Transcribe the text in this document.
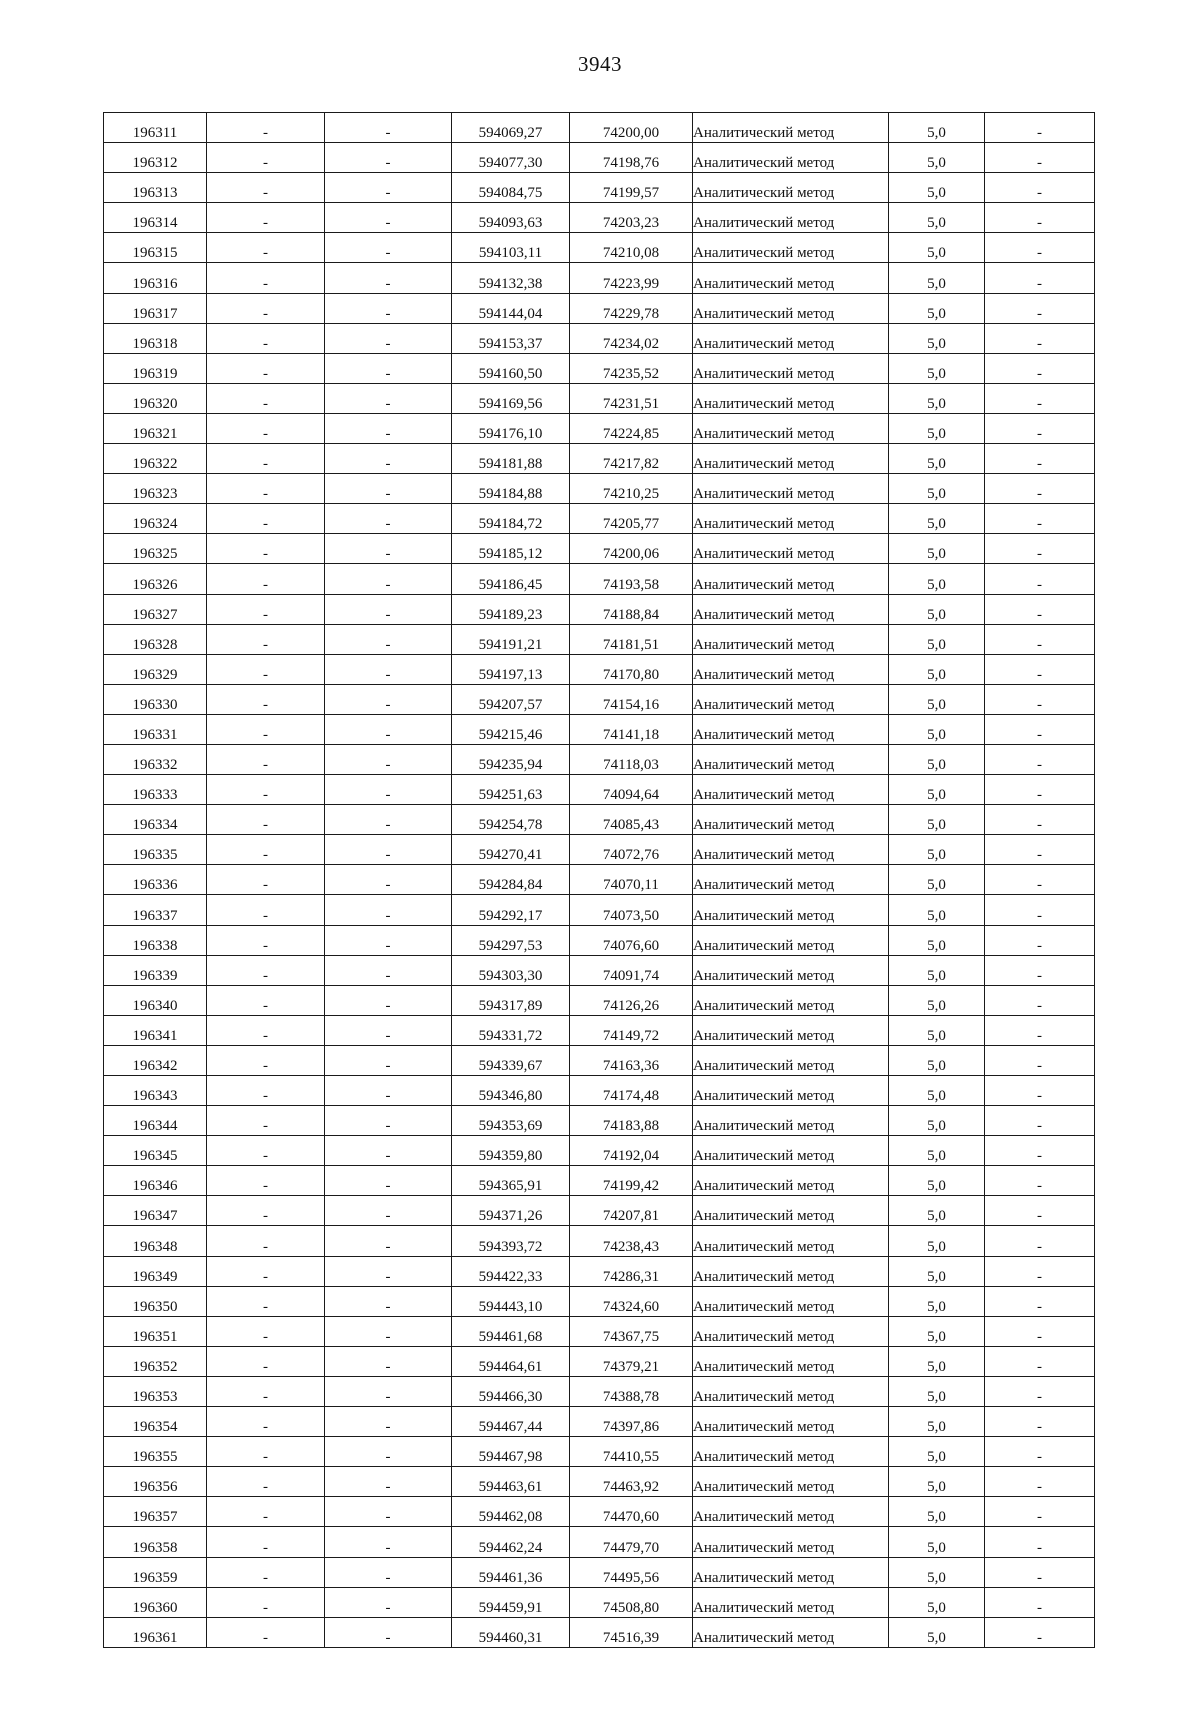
3943
196311	-	-	594069,27	74200,00	Аналитический метод	5,0	-
196312	-	-	594077,30	74198,76	Аналитический метод	5,0	-
196313	-	-	594084,75	74199,57	Аналитический метод	5,0	-
196314	-	-	594093,63	74203,23	Аналитический метод	5,0	-
196315	-	-	594103,11	74210,08	Аналитический метод	5,0	-
196316	-	-	594132,38	74223,99	Аналитический метод	5,0	-
196317	-	-	594144,04	74229,78	Аналитический метод	5,0	-
196318	-	-	594153,37	74234,02	Аналитический метод	5,0	-
196319	-	-	594160,50	74235,52	Аналитический метод	5,0	-
196320	-	-	594169,56	74231,51	Аналитический метод	5,0	-
196321	-	-	594176,10	74224,85	Аналитический метод	5,0	-
196322	-	-	594181,88	74217,82	Аналитический метод	5,0	-
196323	-	-	594184,88	74210,25	Аналитический метод	5,0	-
196324	-	-	594184,72	74205,77	Аналитический метод	5,0	-
196325	-	-	594185,12	74200,06	Аналитический метод	5,0	-
196326	-	-	594186,45	74193,58	Аналитический метод	5,0	-
196327	-	-	594189,23	74188,84	Аналитический метод	5,0	-
196328	-	-	594191,21	74181,51	Аналитический метод	5,0	-
196329	-	-	594197,13	74170,80	Аналитический метод	5,0	-
196330	-	-	594207,57	74154,16	Аналитический метод	5,0	-
196331	-	-	594215,46	74141,18	Аналитический метод	5,0	-
196332	-	-	594235,94	74118,03	Аналитический метод	5,0	-
196333	-	-	594251,63	74094,64	Аналитический метод	5,0	-
196334	-	-	594254,78	74085,43	Аналитический метод	5,0	-
196335	-	-	594270,41	74072,76	Аналитический метод	5,0	-
196336	-	-	594284,84	74070,11	Аналитический метод	5,0	-
196337	-	-	594292,17	74073,50	Аналитический метод	5,0	-
196338	-	-	594297,53	74076,60	Аналитический метод	5,0	-
196339	-	-	594303,30	74091,74	Аналитический метод	5,0	-
196340	-	-	594317,89	74126,26	Аналитический метод	5,0	-
196341	-	-	594331,72	74149,72	Аналитический метод	5,0	-
196342	-	-	594339,67	74163,36	Аналитический метод	5,0	-
196343	-	-	594346,80	74174,48	Аналитический метод	5,0	-
196344	-	-	594353,69	74183,88	Аналитический метод	5,0	-
196345	-	-	594359,80	74192,04	Аналитический метод	5,0	-
196346	-	-	594365,91	74199,42	Аналитический метод	5,0	-
196347	-	-	594371,26	74207,81	Аналитический метод	5,0	-
196348	-	-	594393,72	74238,43	Аналитический метод	5,0	-
196349	-	-	594422,33	74286,31	Аналитический метод	5,0	-
196350	-	-	594443,10	74324,60	Аналитический метод	5,0	-
196351	-	-	594461,68	74367,75	Аналитический метод	5,0	-
196352	-	-	594464,61	74379,21	Аналитический метод	5,0	-
196353	-	-	594466,30	74388,78	Аналитический метод	5,0	-
196354	-	-	594467,44	74397,86	Аналитический метод	5,0	-
196355	-	-	594467,98	74410,55	Аналитический метод	5,0	-
196356	-	-	594463,61	74463,92	Аналитический метод	5,0	-
196357	-	-	594462,08	74470,60	Аналитический метод	5,0	-
196358	-	-	594462,24	74479,70	Аналитический метод	5,0	-
196359	-	-	594461,36	74495,56	Аналитический метод	5,0	-
196360	-	-	594459,91	74508,80	Аналитический метод	5,0	-
196361	-	-	594460,31	74516,39	Аналитический метод	5,0	-
